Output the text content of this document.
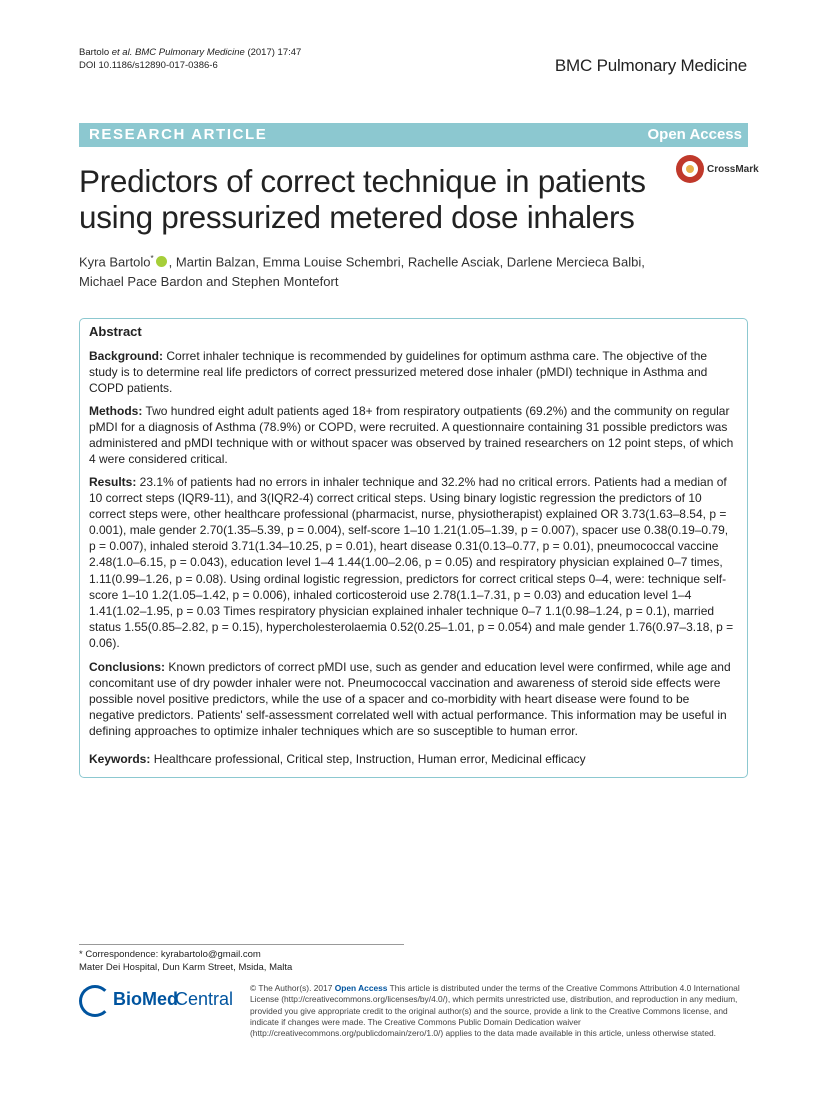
Bartolo et al. BMC Pulmonary Medicine (2017) 17:47
DOI 10.1186/s12890-017-0386-6	BMC Pulmonary Medicine
RESEARCH ARTICLE	Open Access
Predictors of correct technique in patients using pressurized metered dose inhalers
CrossMark
Kyra Bartolo* , Martin Balzan, Emma Louise Schembri, Rachelle Asciak, Darlene Mercieca Balbi, Michael Pace Bardon and Stephen Montefort
Abstract
Background: Corret inhaler technique is recommended by guidelines for optimum asthma care. The objective of the study is to determine real life predictors of correct pressurized metered dose inhaler (pMDI) technique in Asthma and COPD patients.
Methods: Two hundred eight adult patients aged 18+ from respiratory outpatients (69.2%) and the community on regular pMDI for a diagnosis of Asthma (78.9%) or COPD, were recruited. A questionnaire containing 31 possible predictors was administered and pMDI technique with or without spacer was observed by trained researchers on 12 point steps, of which 4 were considered critical.
Results: 23.1% of patients had no errors in inhaler technique and 32.2% had no critical errors. Patients had a median of 10 correct steps (IQR9-11), and 3(IQR2-4) correct critical steps. Using binary logistic regression the predictors of 10 correct steps were, other healthcare professional (pharmacist, nurse, physiotherapist) explained OR 3.73(1.63–8.54, p = 0.001), male gender 2.70(1.35–5.39, p = 0.004), self-score 1–10 1.21(1.05–1.39, p = 0.007), spacer use 0.38(0.19–0.79, p = 0.007), inhaled steroid 3.71(1.34–10.25, p = 0.01), heart disease 0.31(0.13–0.77, p = 0.01), pneumococcal vaccine 2.48(1.0–6.15, p = 0.043), education level 1–4 1.44(1.00–2.06, p = 0.05) and respiratory physician explained 0–7 times, 1.11(0.99–1.26, p = 0.08). Using ordinal logistic regression, predictors for correct critical steps 0–4, were: technique self-score 1–10 1.2(1.05–1.42, p = 0.006), inhaled corticosteroid use 2.78(1.1–7.31, p = 0.03) and education level 1–4 1.41(1.02–1.95, p = 0.03 Times respiratory physician explained inhaler technique 0–7 1.1(0.98–1.24, p = 0.1), married status 1.55(0.85–2.82, p = 0.15), hypercholesterolaemia 0.52(0.25–1.01, p = 0.054) and male gender 1.76(0.97–3.18, p = 0.06).
Conclusions: Known predictors of correct pMDI use, such as gender and education level were confirmed, while age and concomitant use of dry powder inhaler were not. Pneumococcal vaccination and awareness of steroid side effects were possible novel positive predictors, while the use of a spacer and co-morbidity with heart disease were found to be negative predictors. Patients' self-assessment correlated well with actual performance. This information may be useful in defining approaches to optimize inhaler techniques which are so susceptible to human error.
Keywords: Healthcare professional, Critical step, Instruction, Human error, Medicinal efficacy
* Correspondence: kyrabartolo@gmail.com
Mater Dei Hospital, Dun Karm Street, Msida, Malta
BioMed
Central
© The Author(s). 2017 Open Access This article is distributed under the terms of the Creative Commons Attribution 4.0 International License (http://creativecommons.org/licenses/by/4.0/), which permits unrestricted use, distribution, and reproduction in any medium, provided you give appropriate credit to the original author(s) and the source, provide a link to the Creative Commons license, and indicate if changes were made. The Creative Commons Public Domain Dedication waiver (http://creativecommons.org/publicdomain/zero/1.0/) applies to the data made available in this article, unless otherwise stated.
